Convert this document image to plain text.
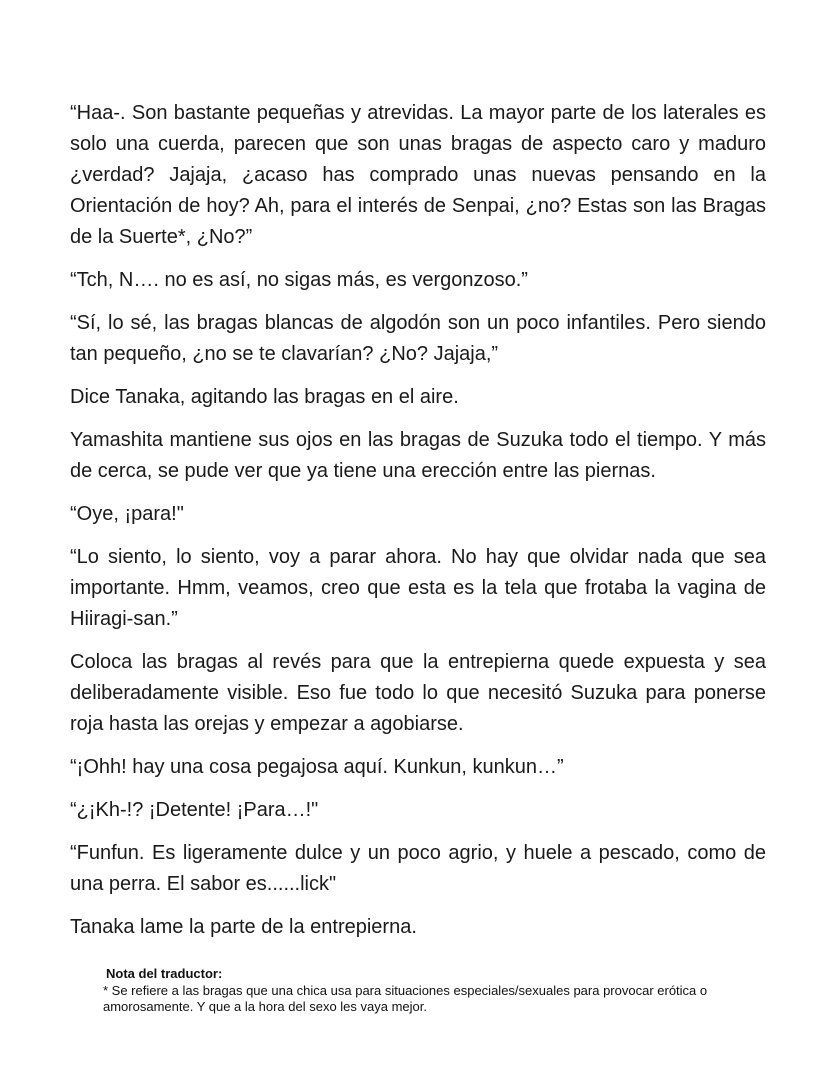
“Haa-. Son bastante pequeñas y atrevidas. La mayor parte de los laterales es solo una cuerda, parecen que son unas bragas de aspecto caro y maduro ¿verdad? Jajaja, ¿acaso has comprado unas nuevas pensando en la Orientación de hoy? Ah, para el interés de Senpai, ¿no? Estas son las Bragas de la Suerte*, ¿No?”

“Tch, N…. no es así, no sigas más, es vergonzoso.”

“Sí, lo sé, las bragas blancas de algodón son un poco infantiles. Pero siendo tan pequeño, ¿no se te clavarían? ¿No? Jajaja,”

Dice Tanaka, agitando las bragas en el aire.

Yamashita mantiene sus ojos en las bragas de Suzuka todo el tiempo. Y más de cerca, se pude ver que ya tiene una erección entre las piernas.

“Oye, ¡para!"

“Lo siento, lo siento, voy a parar ahora. No hay que olvidar nada que sea importante. Hmm, veamos, creo que esta es la tela que frotaba la vagina de Hiiragi-san.”

Coloca las bragas al revés para que la entrepierna quede expuesta y sea deliberadamente visible. Eso fue todo lo que necesitó Suzuka para ponerse roja hasta las orejas y empezar a agobiarse.

“¡Ohh! hay una cosa pegajosa aquí. Kunkun, kunkun…”

“¿¡Kh-!? ¡Detente! ¡Para…!"

“Funfun. Es ligeramente dulce y un poco agrio, y huele a pescado, como de una perra. El sabor es......lick"

Tanaka lame la parte de la entrepierna.

Nota del traductor:

* Se refiere a las bragas que una chica usa para situaciones especiales/sexuales para provocar erótica o amorosamente. Y que a la hora del sexo les vaya mejor.
